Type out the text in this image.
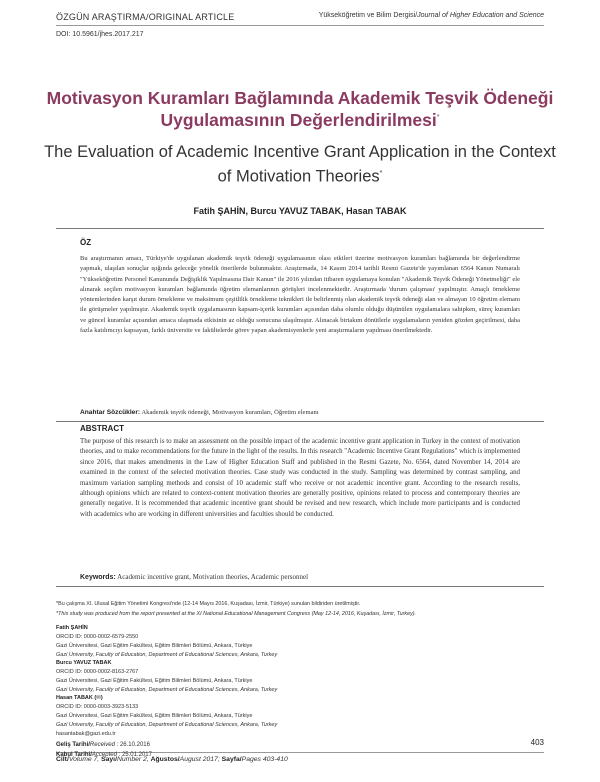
ÖZGÜN ARAŞTIRMA/ORIGINAL ARTICLE	Yükseköğretim ve Bilim Dergisi/Journal of Higher Education and Science
DOI: 10.5961/jhes.2017.217
Motivasyon Kuramları Bağlamında Akademik Teşvik Ödeneği Uygulamasının Değerlendirilmesi*
The Evaluation of Academic Incentive Grant Application in the Context of Motivation Theories*
Fatih ŞAHİN, Burcu YAVUZ TABAK, Hasan TABAK
ÖZ
Bu araştırmanın amacı, Türkiye'de uygulanan akademik teşvik ödeneği uygulamasının olası etkileri üzerine motivasyon kuramları bağlamında bir değerlendirme yapmak, ulaşılan sonuçlar ışığında geleceğe yönelik önerilerde bulunmaktır. Araştırmada, 14 Kasım 2014 tarihli Resmi Gazete'de yayımlanan 6564 Kanun Numaralı "Yükseköğretim Personel Kanununda Değişiklik Yapılmasına Dair Kanun" ile 2016 yılından itibaren uygulamaya konulan "Akademik Teşvik Ödeneği Yönetmeliği" ele alınarak seçilen motivasyon kuramları bağlamında öğretim elemanlarının görüşleri incelenmektedir. Araştırmada 'durum çalışması' yapılmıştır. Amaçlı örnekleme yöntemlerinden karşıt durum örnekleme ve maksimum çeşitlilik örnekleme teknikleri ile belirlenmiş olan akademik teşvik ödeneği alan ve almayan 10 öğretim elemanı ile görüşmeler yapılmıştır. Akademik teşvik uygulamasının kapsam-içerik kuramları açısından daha olumlu olduğu düşünülen uygulamalara sahipken, süreç kuramları ve güncel kuramlar açısından amaca ulaşmada etkisinin az olduğu sonucuna ulaşılmıştır. Alınacak birtakım dönütlerle uygulamaların yeniden gözden geçirilmesi, daha fazla katılımcıyı kapsayan, farklı üniversite ve fakültelerde görev yapan akademisyenlerle yeni araştırmaların yapılması önerilmektedir.
Anahtar Sözcükler: Akademik teşvik ödeneği, Motivasyon kuramları, Öğretim elemanı
ABSTRACT
The purpose of this research is to make an assessment on the possible impact of the academic incentive grant application in Turkey in the context of motivation theories, and to make recommendations for the future in the light of the results. In this research "Academic Incentive Grant Regulations" which is implemented since 2016, that makes amendments in the Law of Higher Education Staff and published in the Resmi Gazete, No. 6564, dated November 14, 2014 are examined in the context of the selected motivation theories. Case study was conducted in the study. Sampling was determined by contrast sampling, and maximum variation sampling methods and consist of 10 academic staff who receive or not academic incentive grant. According to the research results, although opinions which are related to context-content motivation theories are generally positive, opinions related to process and contemporary theories are generally negative. It is recommended that academic incentive grant should be revised and new research, which include more participants and is conducted with academics who are working in different universities and faculties should be conducted.
Keywords: Academic incentive grant, Motivation theories, Academic personnel
*Bu çalışma XI. Ulusal Eğitim Yönetimi Kongresi'nde (12-14 Mayıs 2016, Kuşadası, İzmir, Türkiye) sunulan bildiriden üretilmiştir.
*This study was produced from the report presented at the XI National Educational Management Congress (May 12-14, 2016, Kuşadası, İzmir, Turkey).
Fatih ŞAHİN
ORCID ID: 0000-0002-6579-2550
Gazi Üniversitesi, Gazi Eğitim Fakültesi, Eğitim Bilimleri Bölümü, Ankara, Türkiye
Gazi University, Faculty of Education, Department of Educational Sciences, Ankara, Turkey
Burcu YAVUZ TABAK
ORCID ID: 0000-0002-8163-2767
Gazi Üniversitesi, Gazi Eğitim Fakültesi, Eğitim Bilimleri Bölümü, Ankara, Türkiye
Gazi University, Faculty of Education, Department of Educational Sciences, Ankara, Turkey
Hasan TABAK (✉)
ORCID ID: 0000-0003-3923-5133
Gazi Üniversitesi, Gazi Eğitim Fakültesi, Eğitim Bilimleri Bölümü, Ankara, Türkiye
Gazi University, Faculty of Education, Department of Educational Sciences, Ankara, Turkey
hasantabak@gazi.edu.tr
403
Cilt/Volume 7, Sayı/Number 2, Ağustos/August 2017; Sayfa/Pages 403-410
Geliş Tarihi/Received : 26.10.2016
Kabul Tarihi/Accepted : 25.01.2017
